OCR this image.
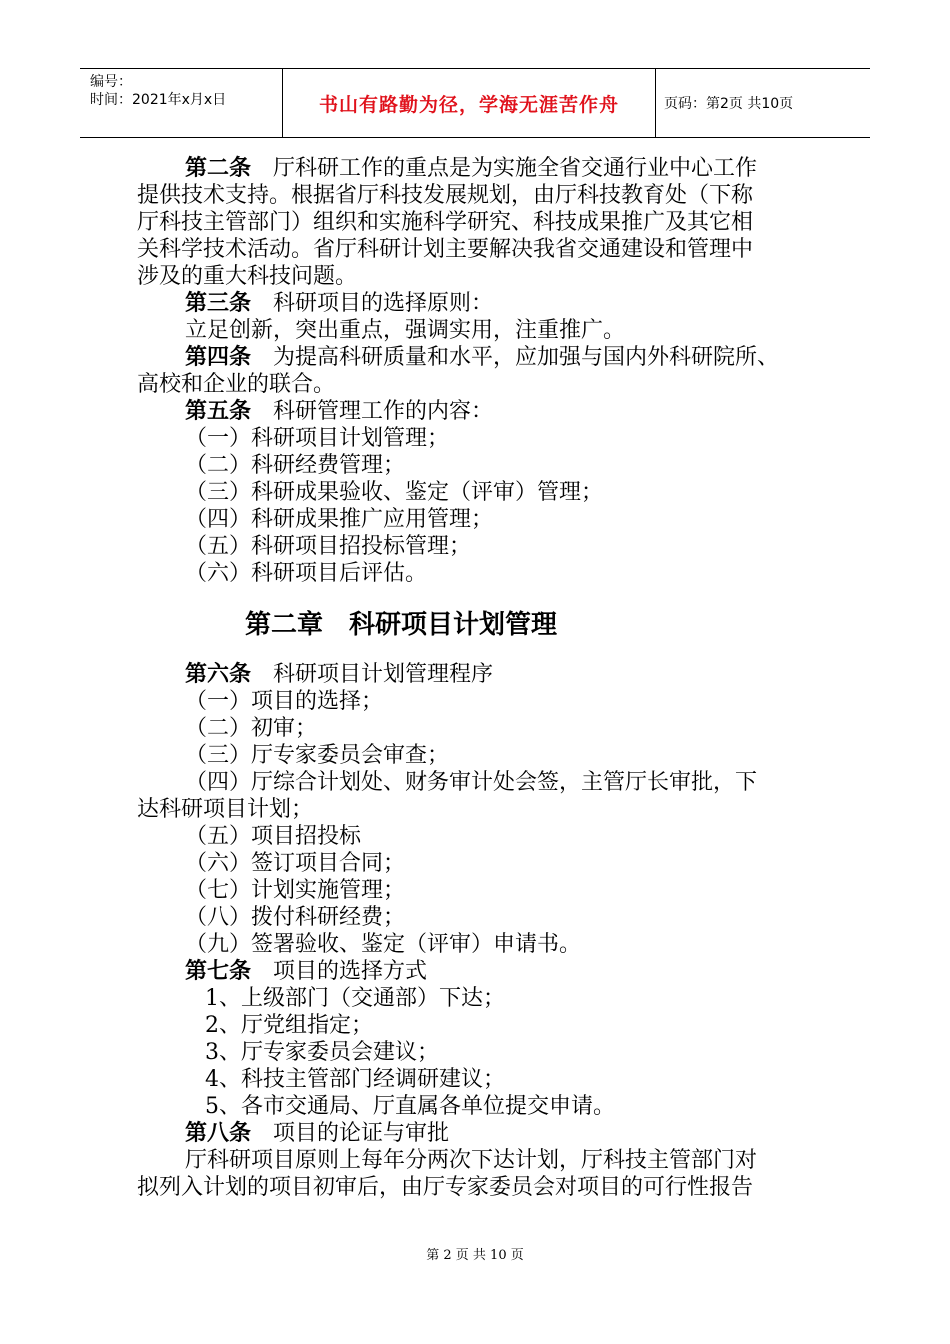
编号：
时间：2021年x月x日	书山有路勤为径，学海无涯苦作舟	页码：第2页 共10页
第二条　 厅科研工作的重点是为实施全省交通行业中心工作
提供技术支持。根据省厅科技发展规划，由厅科技教育处（下称
厅科技主管部门）组织和实施科学研究、科技成果推广及其它相
关科学技术活动。省厅科研计划主要解决我省交通建设和管理中
涉及的重大科技问题。
第三条　 科研项目的选择原则：
立足创新，突出重点，强调实用，注重推广。
第四条　 为提高科研质量和水平，应加强与国内外科研院所、
高校和企业的联合。
第五条　 科研管理工作的内容：
（一）科研项目计划管理；
（二）科研经费管理；
（三）科研成果验收、鉴定（评审）管理；
（四）科研成果推广应用管理；
（五）科研项目招投标管理；
（六）科研项目后评估。
第二章　科研项目计划管理
第六条　 科研项目计划管理程序
（一）项目的选择；
（二）初审；
（三）厅专家委员会审查；
（四）厅综合计划处、财务审计处会签，主管厅长审批，下
达科研项目计划；
（五）项目招投标
（六）签订项目合同；
（七）计划实施管理；
（八）拨付科研经费；
（九）签署验收、鉴定（评审）申请书。
第七条　 项目的选择方式
1、上级部门（交通部）下达；
2、厅党组指定；
3、厅专家委员会建议；
4、科技主管部门经调研建议；
5、各市交通局、厅直属各单位提交申请。
第八条　 项目的论证与审批
厅科研项目原则上每年分两次下达计划，厅科技主管部门对
拟列入计划的项目初审后，由厅专家委员会对项目的可行性报告
第 2 页 共 10 页
